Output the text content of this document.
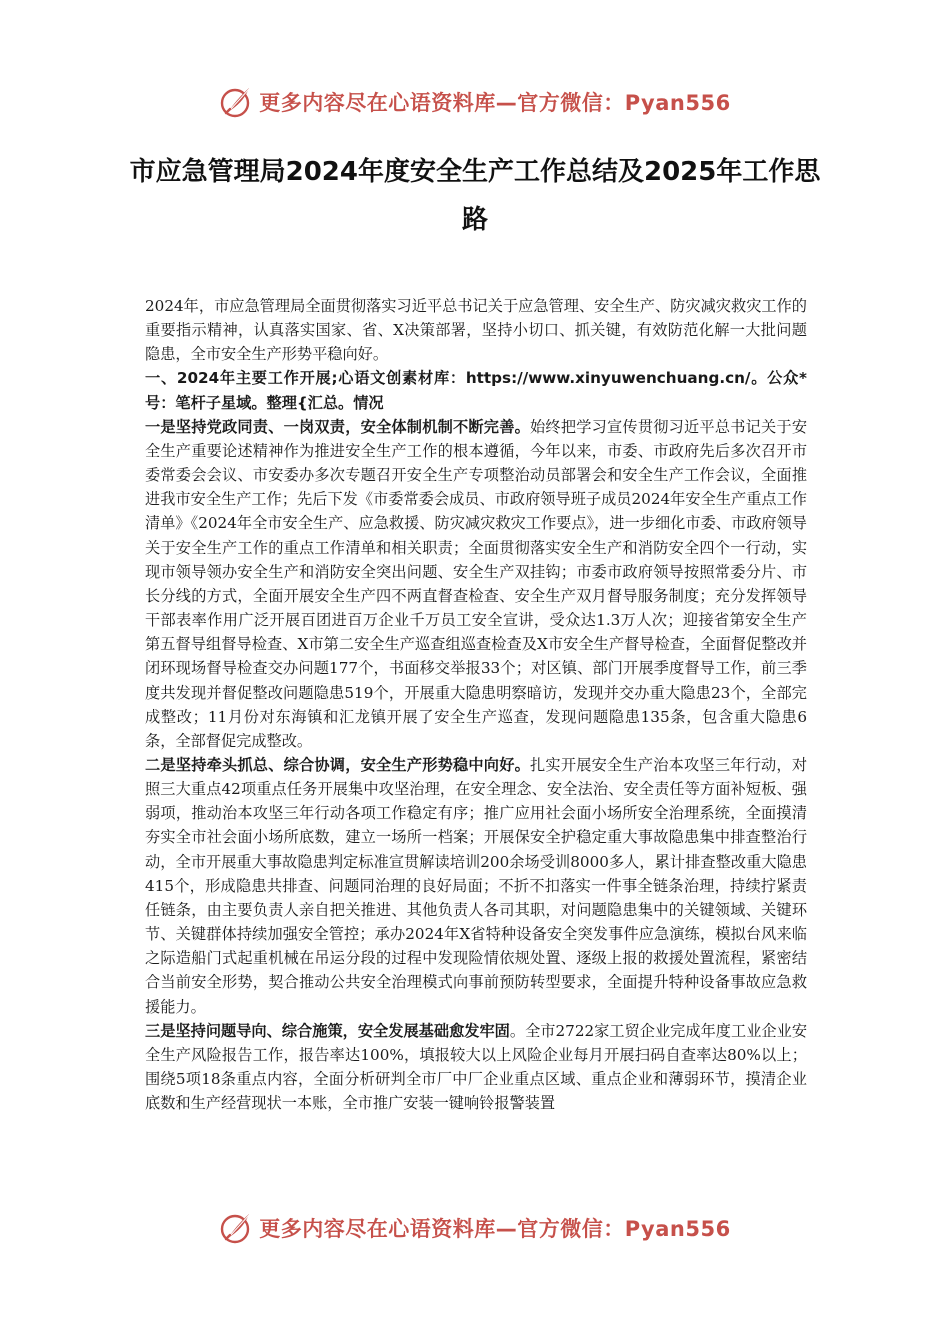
更多内容尽在心语资料库—官方微信：Pyan556
市应急管理局2024年度安全生产工作总结及2025年工作思路

2024年，市应急管理局全面贯彻落实习近平总书记关于应急管理、安全生产、防灾减灾救灾工作的重要指示精神，认真落实国家、省、X决策部署，坚持小切口、抓关键，有效防范化解一大批问题隐患，全市安全生产形势平稳向好。

一、2024年主要工作开展;心语文创素材库：https://www.xinyuwenchuang.cn/。公众*号：笔杆子星域。整理{汇总。情况

一是坚持党政同责、一岗双责，安全体制机制不断完善。始终把学习宣传贯彻习近平总书记关于安全生产重要论述精神作为推进安全生产工作的根本遵循，今年以来，市委、市政府先后多次召开市委常委会会议、市安委办多次专题召开安全生产专项整治动员部署会和安全生产工作会议，全面推进我市安全生产工作；先后下发《市委常委会成员、市政府领导班子成员2024年安全生产重点工作清单》《2024年全市安全生产、应急救援、防灾减灾救灾工作要点》，进一步细化市委、市政府领导关于安全生产工作的重点工作清单和相关职责；全面贯彻落实安全生产和消防安全四个一行动，实现市领导领办安全生产和消防安全突出问题、安全生产双挂钩；市委市政府领导按照常委分片、市长分线的方式，全面开展安全生产四不两直督查检查、安全生产双月督导服务制度；充分发挥领导干部表率作用广泛开展百团进百万企业千万员工安全宣讲，受众达1.3万人次；迎接省第安全生产第五督导组督导检查、X市第二安全生产巡查组巡查检查及X市安全生产督导检查，全面督促整改并闭环现场督导检查交办问题177个，书面移交举报33个；对区镇、部门开展季度督导工作，前三季度共发现并督促整改问题隐患519个，开展重大隐患明察暗访，发现并交办重大隐患23个，全部完成整改；11月份对东海镇和汇龙镇开展了安全生产巡查，发现问题隐患135条，包含重大隐患6条，全部督促完成整改。

二是坚持牵头抓总、综合协调，安全生产形势稳中向好。扎实开展安全生产治本攻坚三年行动，对照三大重点42项重点任务开展集中攻坚治理，在安全理念、安全法治、安全责任等方面补短板、强弱项，推动治本攻坚三年行动各项工作稳定有序；推广应用社会面小场所安全治理系统，全面摸清夯实全市社会面小场所底数，建立一场所一档案；开展保安全护稳定重大事故隐患集中排查整治行动，全市开展重大事故隐患判定标准宣贯解读培训200余场受训8000多人，累计排查整改重大隐患415个，形成隐患共排查、问题同治理的良好局面；不折不扣落实一件事全链条治理，持续拧紧责任链条，由主要负责人亲自把关推进、其他负责人各司其职，对问题隐患集中的关键领域、关键环节、关键群体持续加强安全管控；承办2024年X省特种设备安全突发事件应急演练，模拟台风来临之际造船门式起重机械在吊运分段的过程中发现险情依规处置、逐级上报的救援处置流程，紧密结合当前安全形势，契合推动公共安全治理模式向事前预防转型要求，全面提升特种设备事故应急救援能力。

三是坚持问题导向、综合施策，安全发展基础愈发牢固。全市2722家工贸企业完成年度工业企业安全生产风险报告工作，报告率达100%，填报较大以上风险企业每月开展扫码自查率达80%以上；围绕5项18条重点内容，全面分析研判全市厂中厂企业重点区域、重点企业和薄弱环节，摸清企业底数和生产经营现状一本账，全市推广安装一键响铃报警装置

更多内容尽在心语资料库—官方微信：Pyan556
